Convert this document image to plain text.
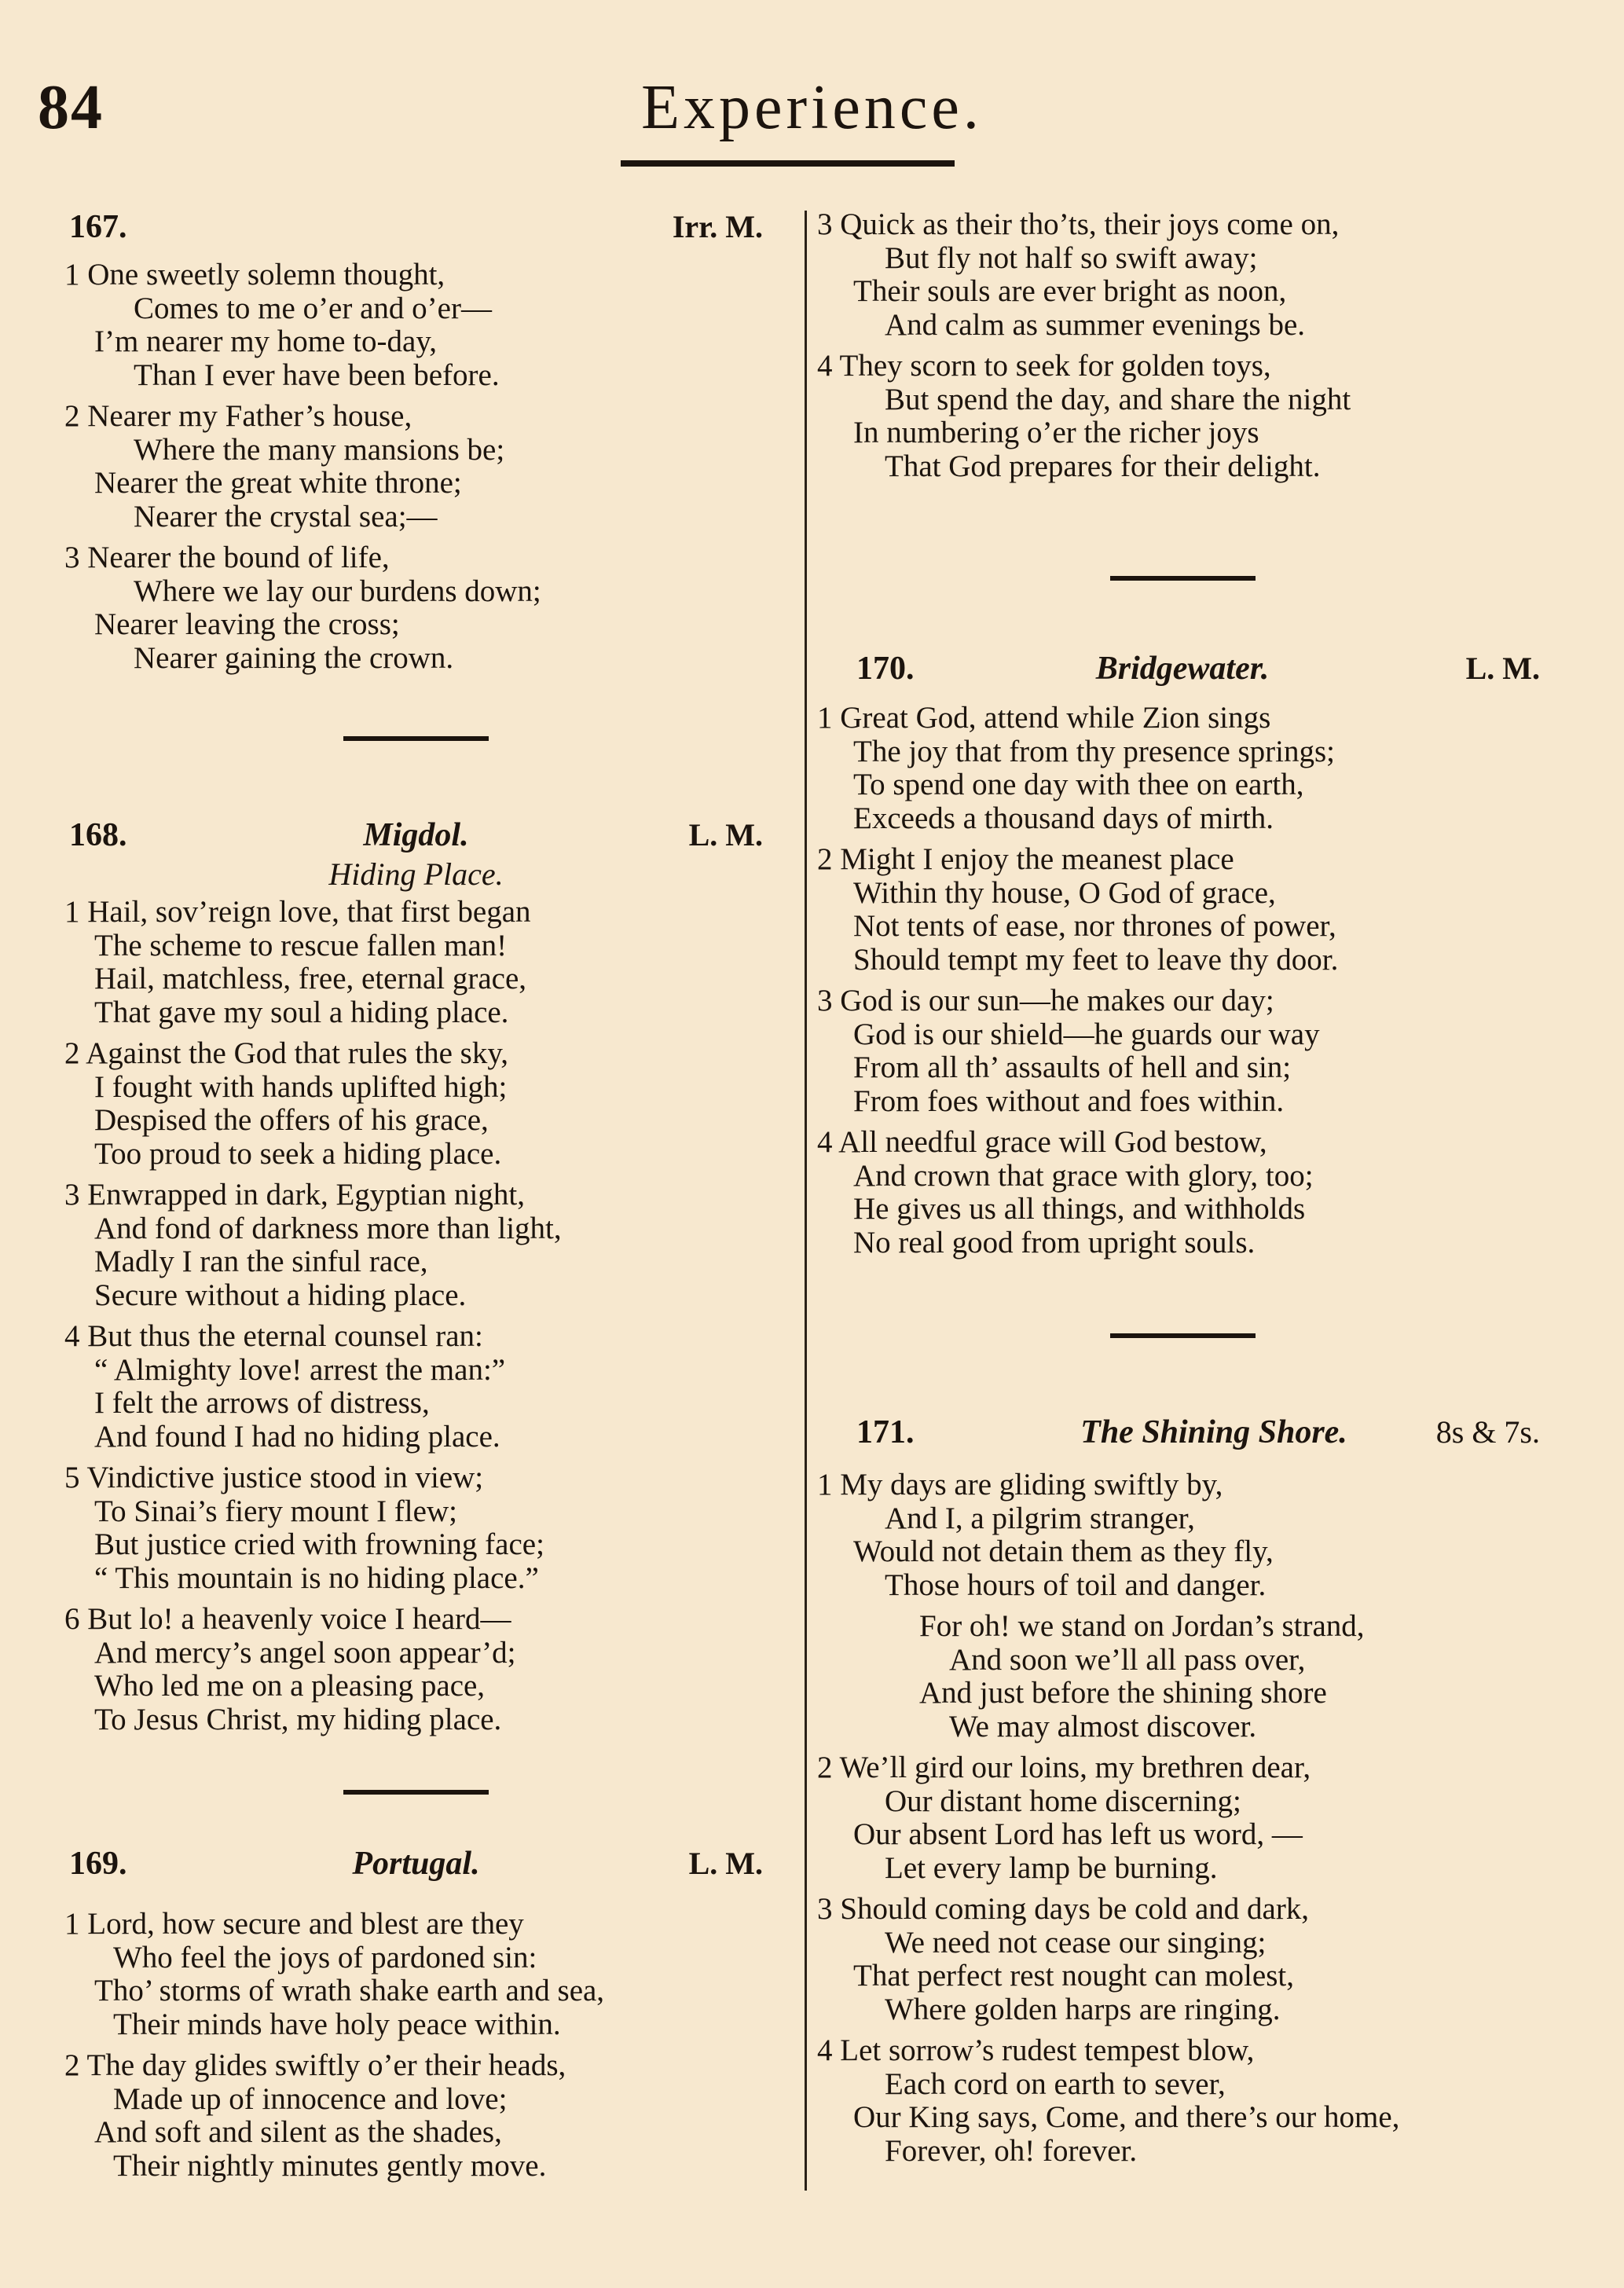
84	Experience.
167.	Irr. M.
1 One sweetly solemn thought,
Comes to me o’er and o’er—
I’m nearer my home to-day,
Than I ever have been before.
2 Nearer my Father’s house,
Where the many mansions be;
Nearer the great white throne;
Nearer the crystal sea;—
3 Nearer the bound of life,
Where we lay our burdens down;
Nearer leaving the cross;
Nearer gaining the crown.
168.	Migdol.	L. M.
Hiding Place.
1 Hail, sov’reign love, that first began
The scheme to rescue fallen man!
Hail, matchless, free, eternal grace,
That gave my soul a hiding place.
2 Against the God that rules the sky,
I fought with hands uplifted high;
Despised the offers of his grace,
Too proud to seek a hiding place.
3 Enwrapped in dark, Egyptian night,
And fond of darkness more than light,
Madly I ran the sinful race,
Secure without a hiding place.
4 But thus the eternal counsel ran:
“ Almighty love! arrest the man:”
I felt the arrows of distress,
And found I had no hiding place.
5 Vindictive justice stood in view;
To Sinai’s fiery mount I flew;
But justice cried with frowning face;
“ This mountain is no hiding place.”
6 But lo! a heavenly voice I heard—
And mercy’s angel soon appear’d;
Who led me on a pleasing pace,
To Jesus Christ, my hiding place.
169.	Portugal.	L. M.
1 Lord, how secure and blest are they
Who feel the joys of pardoned sin:
Tho’ storms of wrath shake earth and sea,
Their minds have holy peace within.
2 The day glides swiftly o’er their heads,
Made up of innocence and love;
And soft and silent as the shades,
Their nightly minutes gently move.
3 Quick as their tho’ts, their joys come on,
But fly not half so swift away;
Their souls are ever bright as noon,
And calm as summer evenings be.
4 They scorn to seek for golden toys,
But spend the day, and share the night
In numbering o’er the richer joys
That God prepares for their delight.
170.	Bridgewater.	L. M.
1 Great God, attend while Zion sings
The joy that from thy presence springs;
To spend one day with thee on earth,
Exceeds a thousand days of mirth.
2 Might I enjoy the meanest place
Within thy house, O God of grace,
Not tents of ease, nor thrones of power,
Should tempt my feet to leave thy door.
3 God is our sun—he makes our day;
God is our shield—he guards our way
From all th’ assaults of hell and sin;
From foes without and foes within.
4 All needful grace will God bestow,
And crown that grace with glory, too;
He gives us all things, and withholds
No real good from upright souls.
171.	The Shining Shore.	8s & 7s.
1 My days are gliding swiftly by,
And I, a pilgrim stranger,
Would not detain them as they fly,
Those hours of toil and danger.
For oh! we stand on Jordan’s strand,
And soon we’ll all pass over,
And just before the shining shore
We may almost discover.
2 We’ll gird our loins, my brethren dear,
Our distant home discerning;
Our absent Lord has left us word, —
Let every lamp be burning.
3 Should coming days be cold and dark,
We need not cease our singing;
That perfect rest nought can molest,
Where golden harps are ringing.
4 Let sorrow’s rudest tempest blow,
Each cord on earth to sever,
Our King says, Come, and there’s our home,
Forever, oh! forever.
